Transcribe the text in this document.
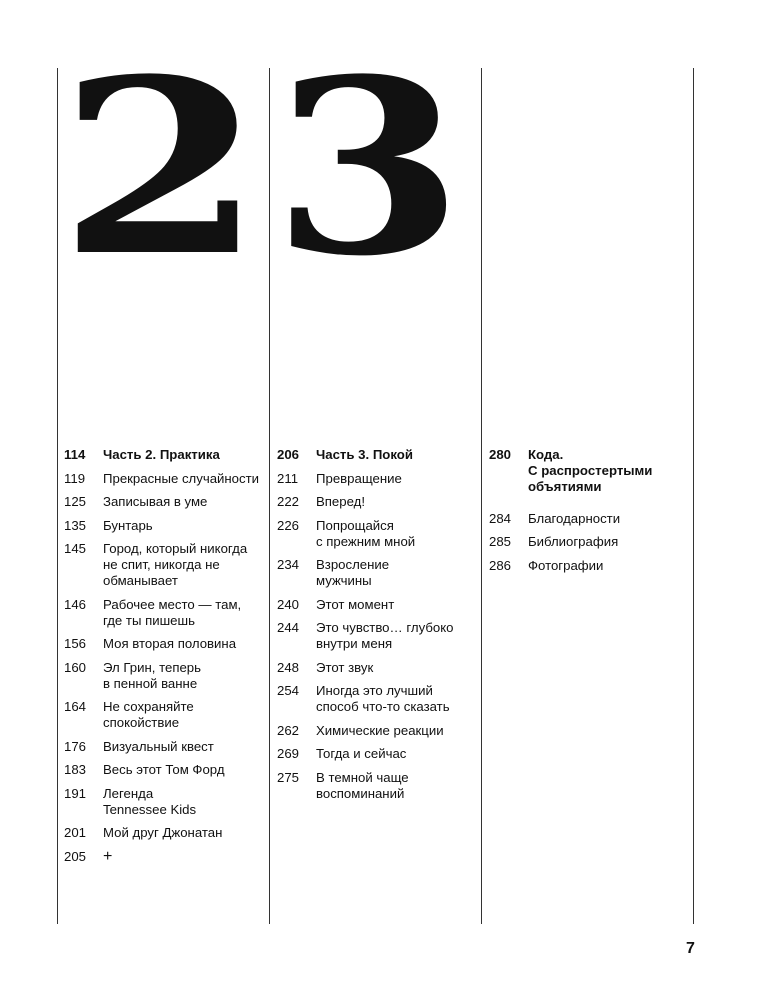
2 3
114 Часть 2. Практика
119 Прекрасные случайности
125 Записывая в уме
135 Бунтарь
145 Город, который никогда
не спит, никогда не
обманывает
146 Рабочее место — там,
где ты пишешь
156 Моя вторая половина
160 Эл Грин, теперь
в пенной ванне
164 Не сохраняйте
спокойствие
176 Визуальный квест
183 Весь этот Том Форд
191 Легенда
Tennessee Kids
201 Мой друг Джонатан
205 +
206 Часть 3. Покой
211 Превращение
222 Вперед!
226 Попрощайся
с прежним мной
234 Взросление
мужчины
240 Этот момент
244 Это чувство… глубоко
внутри меня
248 Этот звук
254 Иногда это лучший
способ что-то сказать
262 Химические реакции
269 Тогда и сейчас
275 В темной чаще
воспоминаний
280 Кода.
С распростертыми
объятиями
284 Благодарности
285 Библиография
286 Фотографии
7
